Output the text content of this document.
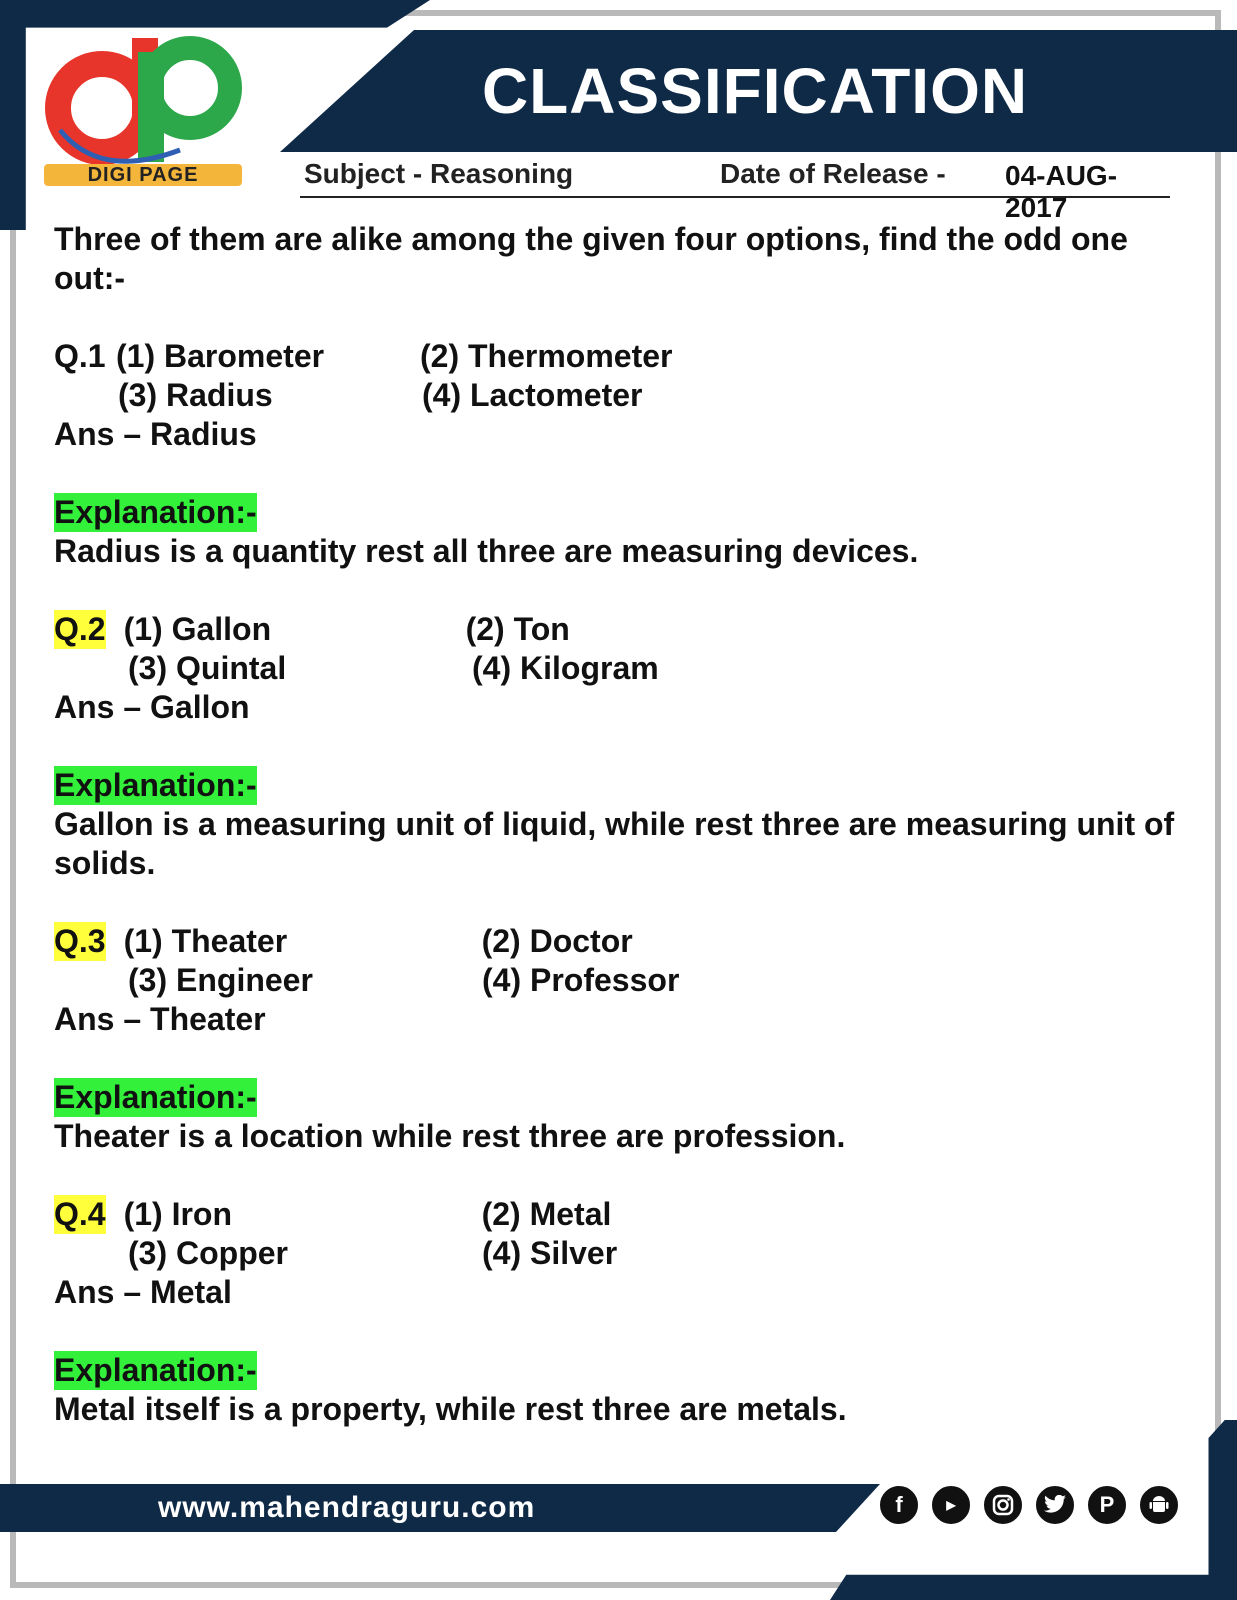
CLASSIFICATION
DIGI PAGE	Subject - Reasoning	Date of Release - 04-AUG-2017

Three of them are alike among the given four options, find the odd one out:-

Q.1 (1) Barometer	(2) Thermometer
(3) Radius	(4) Lactometer
Ans – Radius
Explanation:-

Radius is a quantity rest all three are measuring devices.

Q.2 (1) Gallon	(2) Ton
(3) Quintal	(4) Kilogram
Ans – Gallon
Explanation:-

Gallon is a measuring unit of liquid, while rest three are measuring unit of solids.

Q.3 (1) Theater	(2) Doctor
(3) Engineer	(4) Professor
Ans – Theater
Explanation:-

Theater is a location while rest three are profession.

Q.4 (1) Iron	(2) Metal
(3) Copper	(4) Silver
Ans – Metal
Explanation:-

Metal itself is a property, while rest three are metals.

www.mahendraguru.com	f	▶	P
